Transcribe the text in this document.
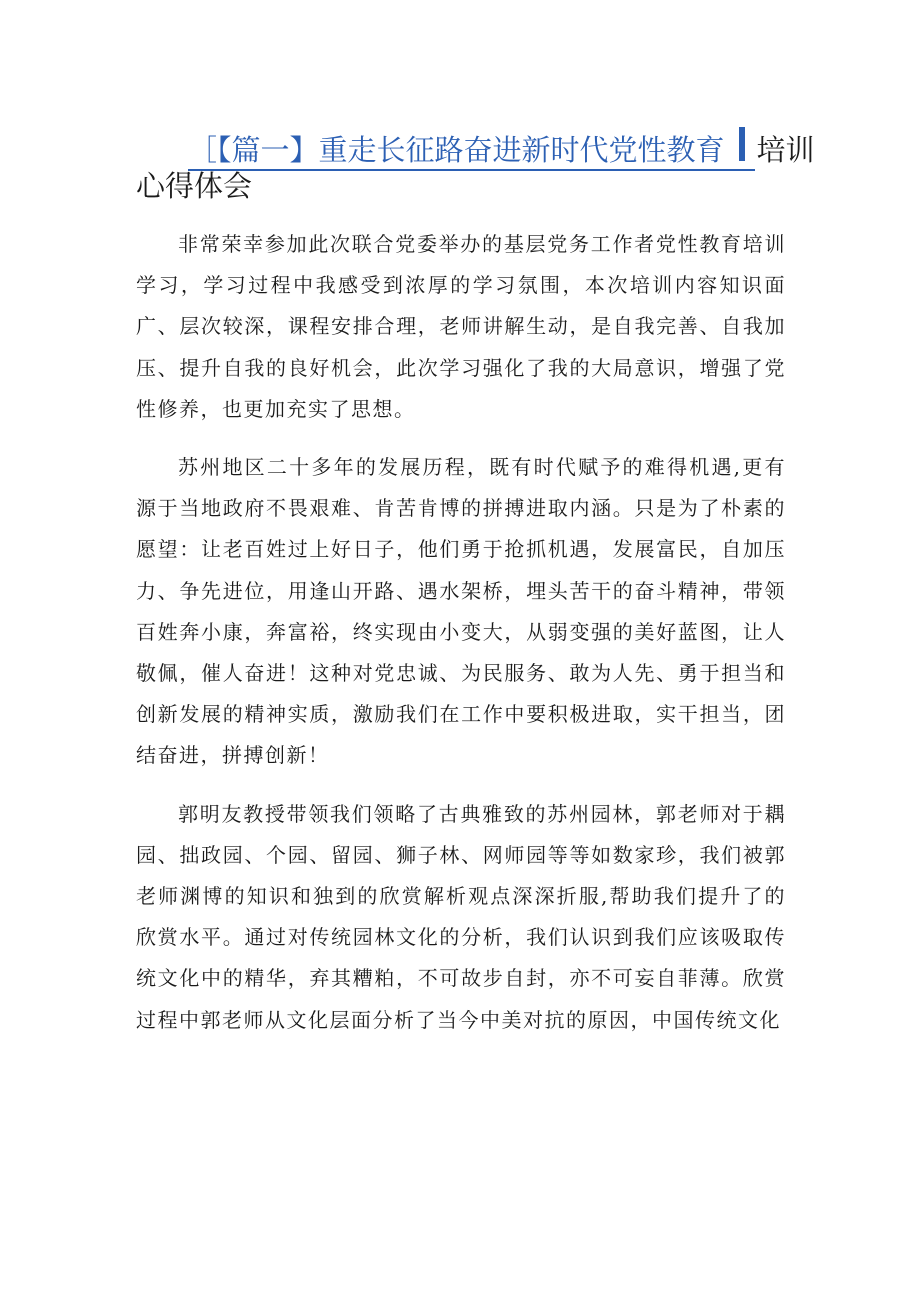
［【篇一】重走长征路奋进新时代党性教育 培训
心得体会

非常荣幸参加此次联合党委举办的基层党务工作者党性教育培训学习，学习过程中我感受到浓厚的学习氛围，本次培训内容知识面广、层次较深，课程安排合理，老师讲解生动，是自我完善、自我加压、提升自我的良好机会，此次学习强化了我的大局意识，增强了党性修养，也更加充实了思想。

苏州地区二十多年的发展历程，既有时代赋予的难得机遇,更有源于当地政府不畏艰难、肯苦肯博的拼搏进取内涵。只是为了朴素的愿望：让老百姓过上好日子，他们勇于抢抓机遇，发展富民，自加压力、争先进位，用逢山开路、遇水架桥，埋头苦干的奋斗精神，带领百姓奔小康，奔富裕，终实现由小变大，从弱变强的美好蓝图，让人敬佩，催人奋进！这种对党忠诚、为民服务、敢为人先、勇于担当和创新发展的精神实质，激励我们在工作中要积极进取，实干担当，团结奋进，拼搏创新！

郭明友教授带领我们领略了古典雅致的苏州园林，郭老师对于耦园、拙政园、个园、留园、狮子林、网师园等等如数家珍，我们被郭老师渊博的知识和独到的欣赏解析观点深深折服,帮助我们提升了的欣赏水平。通过对传统园林文化的分析，我们认识到我们应该吸取传统文化中的精华，弃其糟粕，不可故步自封，亦不可妄自菲薄。欣赏过程中郭老师从文化层面分析了当今中美对抗的原因，中国传统文化
